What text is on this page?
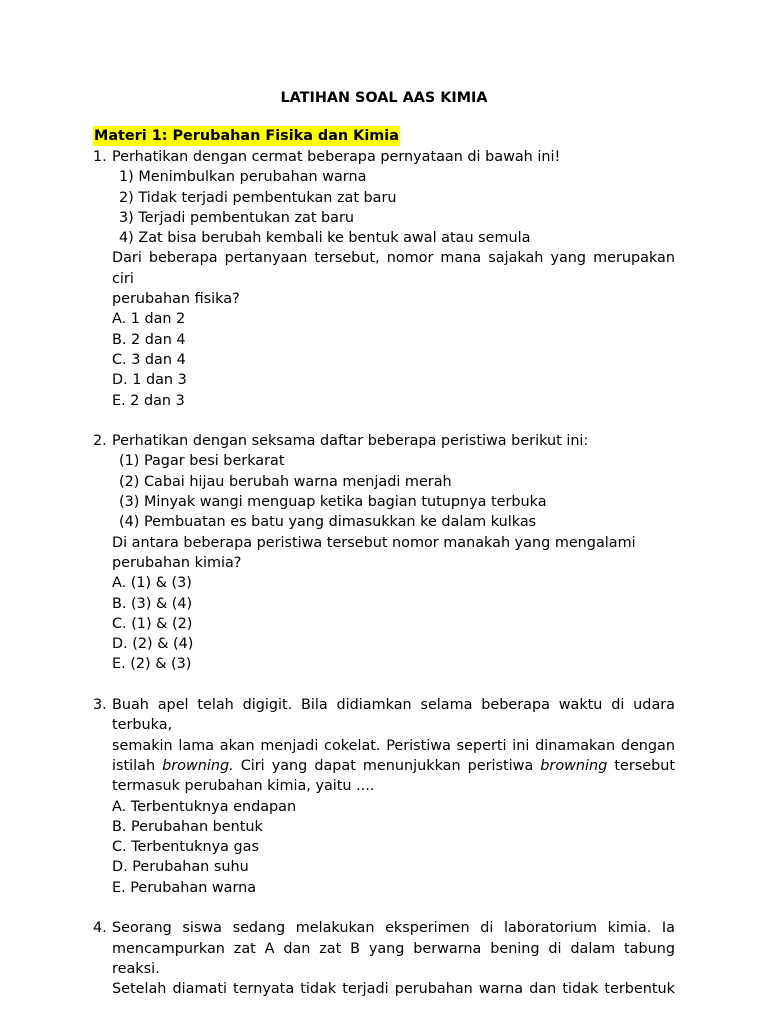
LATIHAN SOAL AAS KIMIA
Materi 1: Perubahan Fisika dan Kimia
1. Perhatikan dengan cermat beberapa pernyataan di bawah ini!
1) Menimbulkan perubahan warna
2) Tidak terjadi pembentukan zat baru
3) Terjadi pembentukan zat baru
4) Zat bisa berubah kembali ke bentuk awal atau semula
Dari beberapa pertanyaan tersebut, nomor mana sajakah yang merupakan ciri
perubahan fisika?
A. 1 dan 2
B. 2 dan 4
C. 3 dan 4
D. 1 dan 3
E. 2 dan 3
2. Perhatikan dengan seksama daftar beberapa peristiwa berikut ini:
(1) Pagar besi berkarat
(2) Cabai hijau berubah warna menjadi merah
(3) Minyak wangi menguap ketika bagian tutupnya terbuka
(4) Pembuatan es batu yang dimasukkan ke dalam kulkas
Di antara beberapa peristiwa tersebut nomor manakah yang mengalami
perubahan kimia?
A. (1) & (3)
B. (3) & (4)
C. (1) & (2)
D. (2) & (4)
E. (2) & (3)
3. Buah apel telah digigit. Bila didiamkan selama beberapa waktu di udara terbuka,
semakin lama akan menjadi cokelat. Peristiwa seperti ini dinamakan dengan
istilah browning. Ciri yang dapat menunjukkan peristiwa browning tersebut
termasuk perubahan kimia, yaitu ....
A. Terbentuknya endapan
B. Perubahan bentuk
C. Terbentuknya gas
D. Perubahan suhu
E. Perubahan warna
4. Seorang siswa sedang melakukan eksperimen di laboratorium kimia. Ia
mencampurkan zat A dan zat B yang berwarna bening di dalam tabung reaksi.
Setelah diamati ternyata tidak terjadi perubahan warna dan tidak terbentuk
